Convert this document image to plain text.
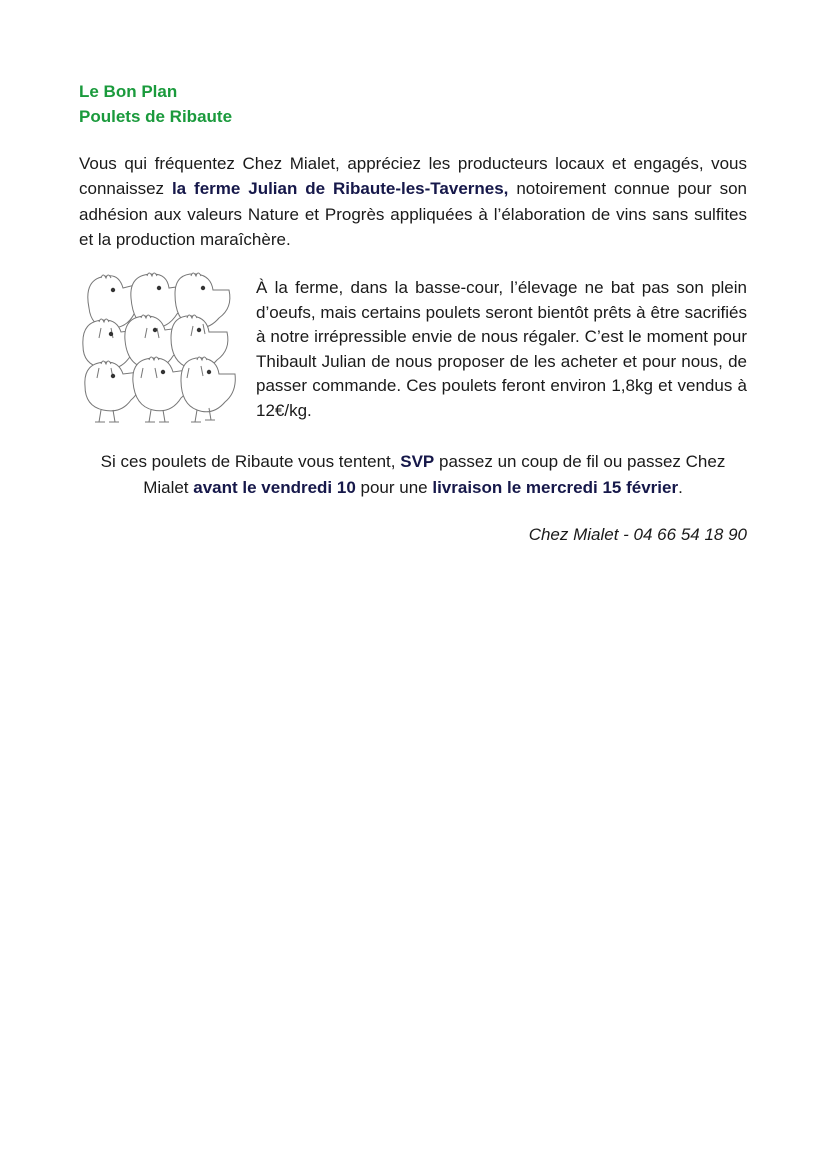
Le Bon Plan

Poulets de Ribaute

Vous qui fréquentez Chez Mialet, appréciez les producteurs locaux et engagés, vous connaissez la ferme Julian de Ribaute-les-Tavernes, notoirement connue pour son adhésion aux valeurs Nature et Progrès appliquées à l’élaboration de vins sans sulfites et la production maraîchère.

À la ferme, dans la basse-cour, l’élevage ne bat pas son plein d’oeufs, mais certains poulets seront bientôt prêts à être sacrifiés à notre irrépressible envie de nous régaler. C’est le moment pour Thibault Julian de nous proposer de les acheter et pour nous, de passer commande. Ces poulets feront environ 1,8kg et vendus à 12€/kg.

Si ces poulets de Ribaute vous tentent, SVP passez un coup de fil ou passez Chez Mialet avant le vendredi 10 pour une livraison le mercredi 15 février.

Chez Mialet - 04 66 54 18 90
